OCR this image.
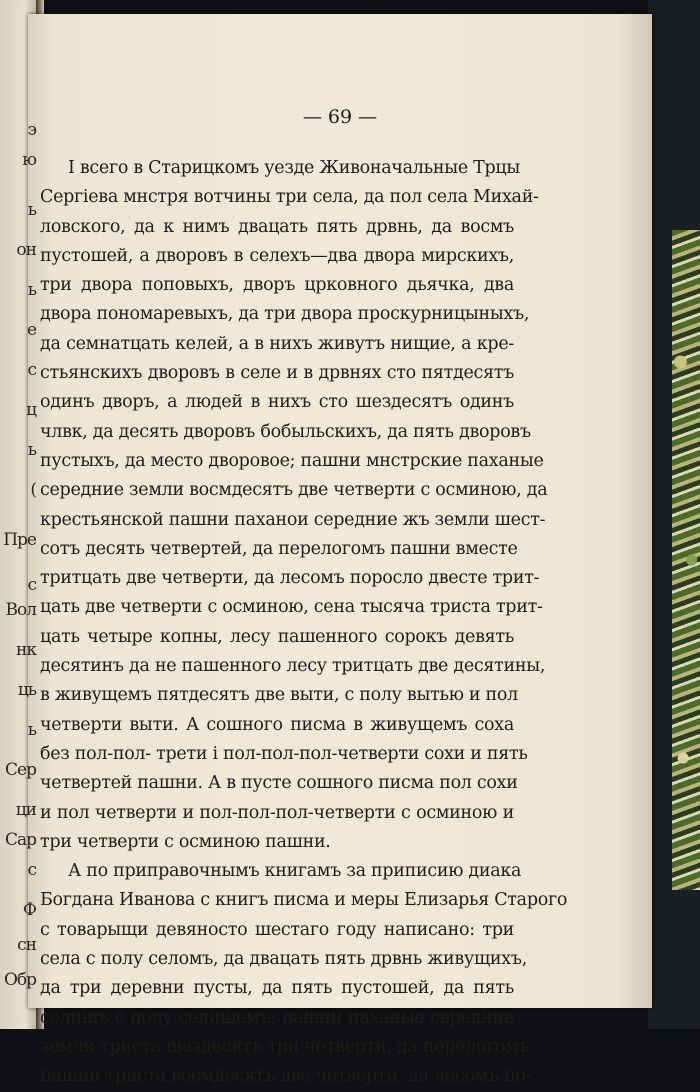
— 69 —
І всего в Старицкомъ уезде Живоначальные Трцы
Сергiева мнстря вотчины три села, да пол села Михай-
ловского, да к нимъ двацать пять дрвнь, да восмъ
пустошей, а дворовъ в селехъ—два двора мирскихъ,
три двора поповыхъ, дворъ црковного дьячка, два
двора пономаревыхъ, да три двора проскурницыныхъ,
да семнатцать келей, а в нихъ живутъ нищие, а кре-
стьянскихъ дворовъ в селе и в дрвнях сто пятдесятъ
одинъ дворъ, а людей в нихъ сто шездесятъ одинъ
члвк, да десять дворовъ бобыльскихъ, да пять дворовъ
пустыхъ, да место дворовое; пашни мнстрские паханые
середние земли восмдесятъ две четверти с осминою, да
крестьянской пашни паханои середние жъ земли шест-
сотъ десять четвертей, да перелогомъ пашни вместе
тритцать две четверти, да лесомъ поросло двесте трит-
цать две четверти с осминою, сена тысяча триста трит-
цать четыре копны, лесу пашенного сорокъ девять
десятинъ да не пашенного лесу тритцать две десятины,
в живущемъ пятдесятъ две выти, с полу вытью и пол
четверти выти. А сошного писма в живущемъ соха
без пол-пол- трети і пол-пол-пол-четверти сохи и пять
четвертей пашни. А в пусте сошного писма пол сохи
и пол четверти и пол-пол-пол-четверти с осминою и
три четверти с осминою пашни.
А по приправочнымъ книгамъ за приписию диака
Богдана Иванова с книгъ писма и меры Елизарья Старого
с товарыщи девяносто шестагo году написано: три
села с полу селомъ, да двацать пять дрвнь живущихъ,
да три деревни пусты, да пять пустошей, да пять
селищъ с полу селищемъ; пашни паханые середние
земли триста шездесятъ три четверти, да перелогомъ
пашни триста восмдесятъ две четверти, да лесомъ по-
э
ю
ь
он
ь
е
с
ц
ь
(
Пре
с
Вол
нк
ць
ь
Сер
ци
Сар
с
Ф
сн
Обр
